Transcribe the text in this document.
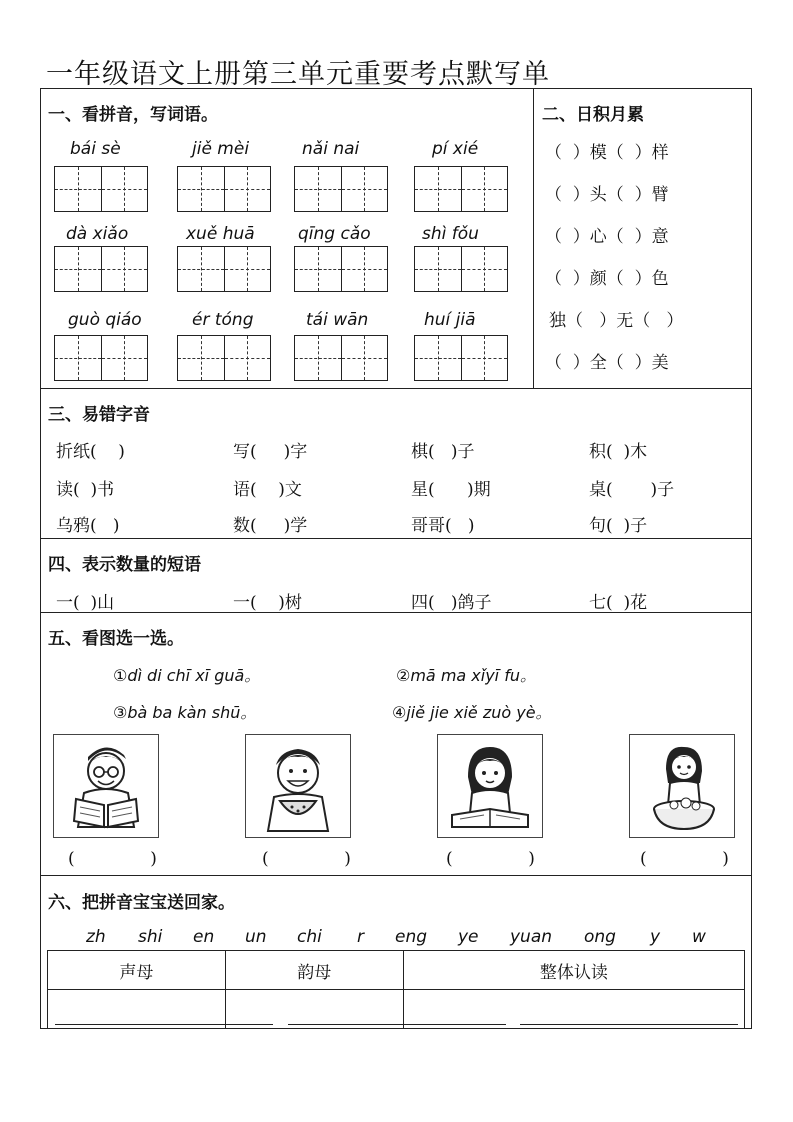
一年级语文上册第三单元重要考点默写单
一、看拼音，写词语。
bái sè	jiě mèi	nǎi nai	pí xié
dà xiǎo	xuě huā	qīng cǎo	shì fǒu
guò qiáo	ér tóng	tái wān	huí jiā
二、日积月累
（  ）模（  ）样
（  ）头（  ）臂
（  ）心（  ）意
（  ）颜（  ）色
独（   ）无（   ）
（  ）全（  ）美
三、易错字音
折纸(    )	写(     )字	棋(   )子	积(  )木
读(  )书	语(    )文	星(      )期	桌(       )子
乌鸦(   )	数(     )学	哥哥(   )	句(  )子
四、表示数量的短语
一(  )山	一(    )树	四(   )鸽子	七(  )花
五、看图选一选。
①dì di chī xī guā。	②mā ma xǐyī fu。
③bà ba kàn shū。	④jiě jie xiě zuò yè。
(              )	(              )	(              )	(              )
六、把拼音宝宝送回家。
zh shi en un chi r eng ye yuan ong y w
声母	韵母	整体认读
